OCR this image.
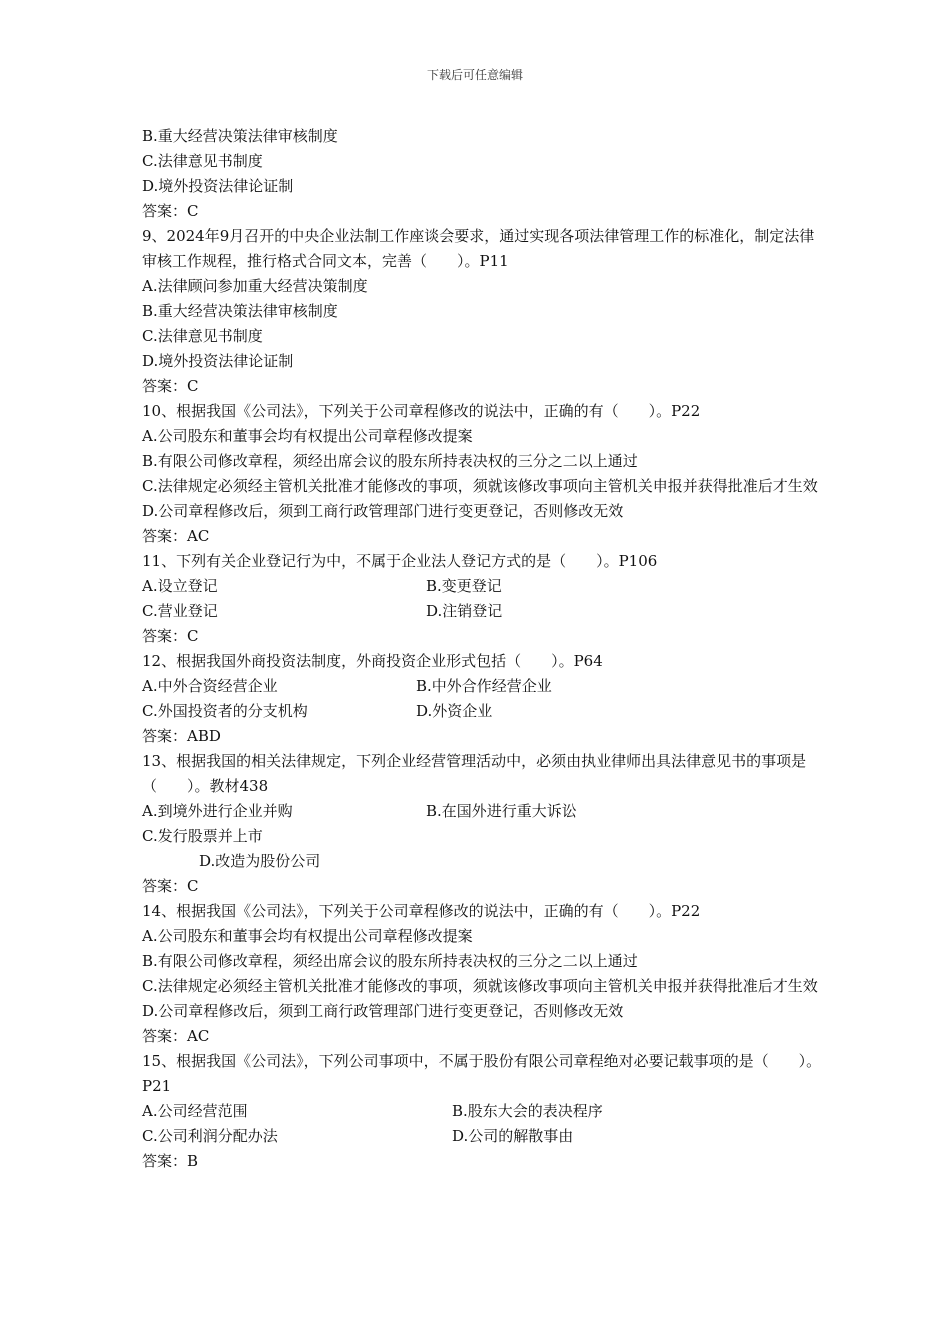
下载后可任意编辑
B.重大经营决策法律审核制度
C.法律意见书制度
D.境外投资法律论证制
答案：C
9、2024年9月召开的中央企业法制工作座谈会要求，通过实现各项法律管理工作的标准化，制定法律审核工作规程，推行格式合同文本，完善（　　）。P11
A.法律顾问参加重大经营决策制度
B.重大经营决策法律审核制度
C.法律意见书制度
D.境外投资法律论证制
答案：C
10、根据我国《公司法》，下列关于公司章程修改的说法中，正确的有（　　）。P22
A.公司股东和董事会均有权提出公司章程修改提案
B.有限公司修改章程，须经出席会议的股东所持表决权的三分之二以上通过
C.法律规定必须经主管机关批准才能修改的事项，须就该修改事项向主管机关申报并获得批准后才生效
D.公司章程修改后，须到工商行政管理部门进行变更登记，否则修改无效
答案：AC
11、下列有关企业登记行为中，不属于企业法人登记方式的是（　　）。P106
A.设立登记	B.变更登记
C.营业登记	D.注销登记
答案：C
12、根据我国外商投资法制度，外商投资企业形式包括（　　）。P64
A.中外合资经营企业	B.中外合作经营企业
C.外国投资者的分支机构	D.外资企业
答案：ABD
13、根据我国的相关法律规定，下列企业经营管理活动中，必须由执业律师出具法律意见书的事项是（　　）。教材438
A.到境外进行企业并购	B.在国外进行重大诉讼
C.发行股票并上市
D.改造为股份公司
答案：C
14、根据我国《公司法》，下列关于公司章程修改的说法中，正确的有（　　）。P22
A.公司股东和董事会均有权提出公司章程修改提案
B.有限公司修改章程，须经出席会议的股东所持表决权的三分之二以上通过
C.法律规定必须经主管机关批准才能修改的事项，须就该修改事项向主管机关申报并获得批准后才生效
D.公司章程修改后，须到工商行政管理部门进行变更登记，否则修改无效
答案：AC
15、根据我国《公司法》，下列公司事项中，不属于股份有限公司章程绝对必要记载事项的是（　　）。P21
A.公司经营范围	B.股东大会的表决程序
C.公司利润分配办法	D.公司的解散事由
答案：B
